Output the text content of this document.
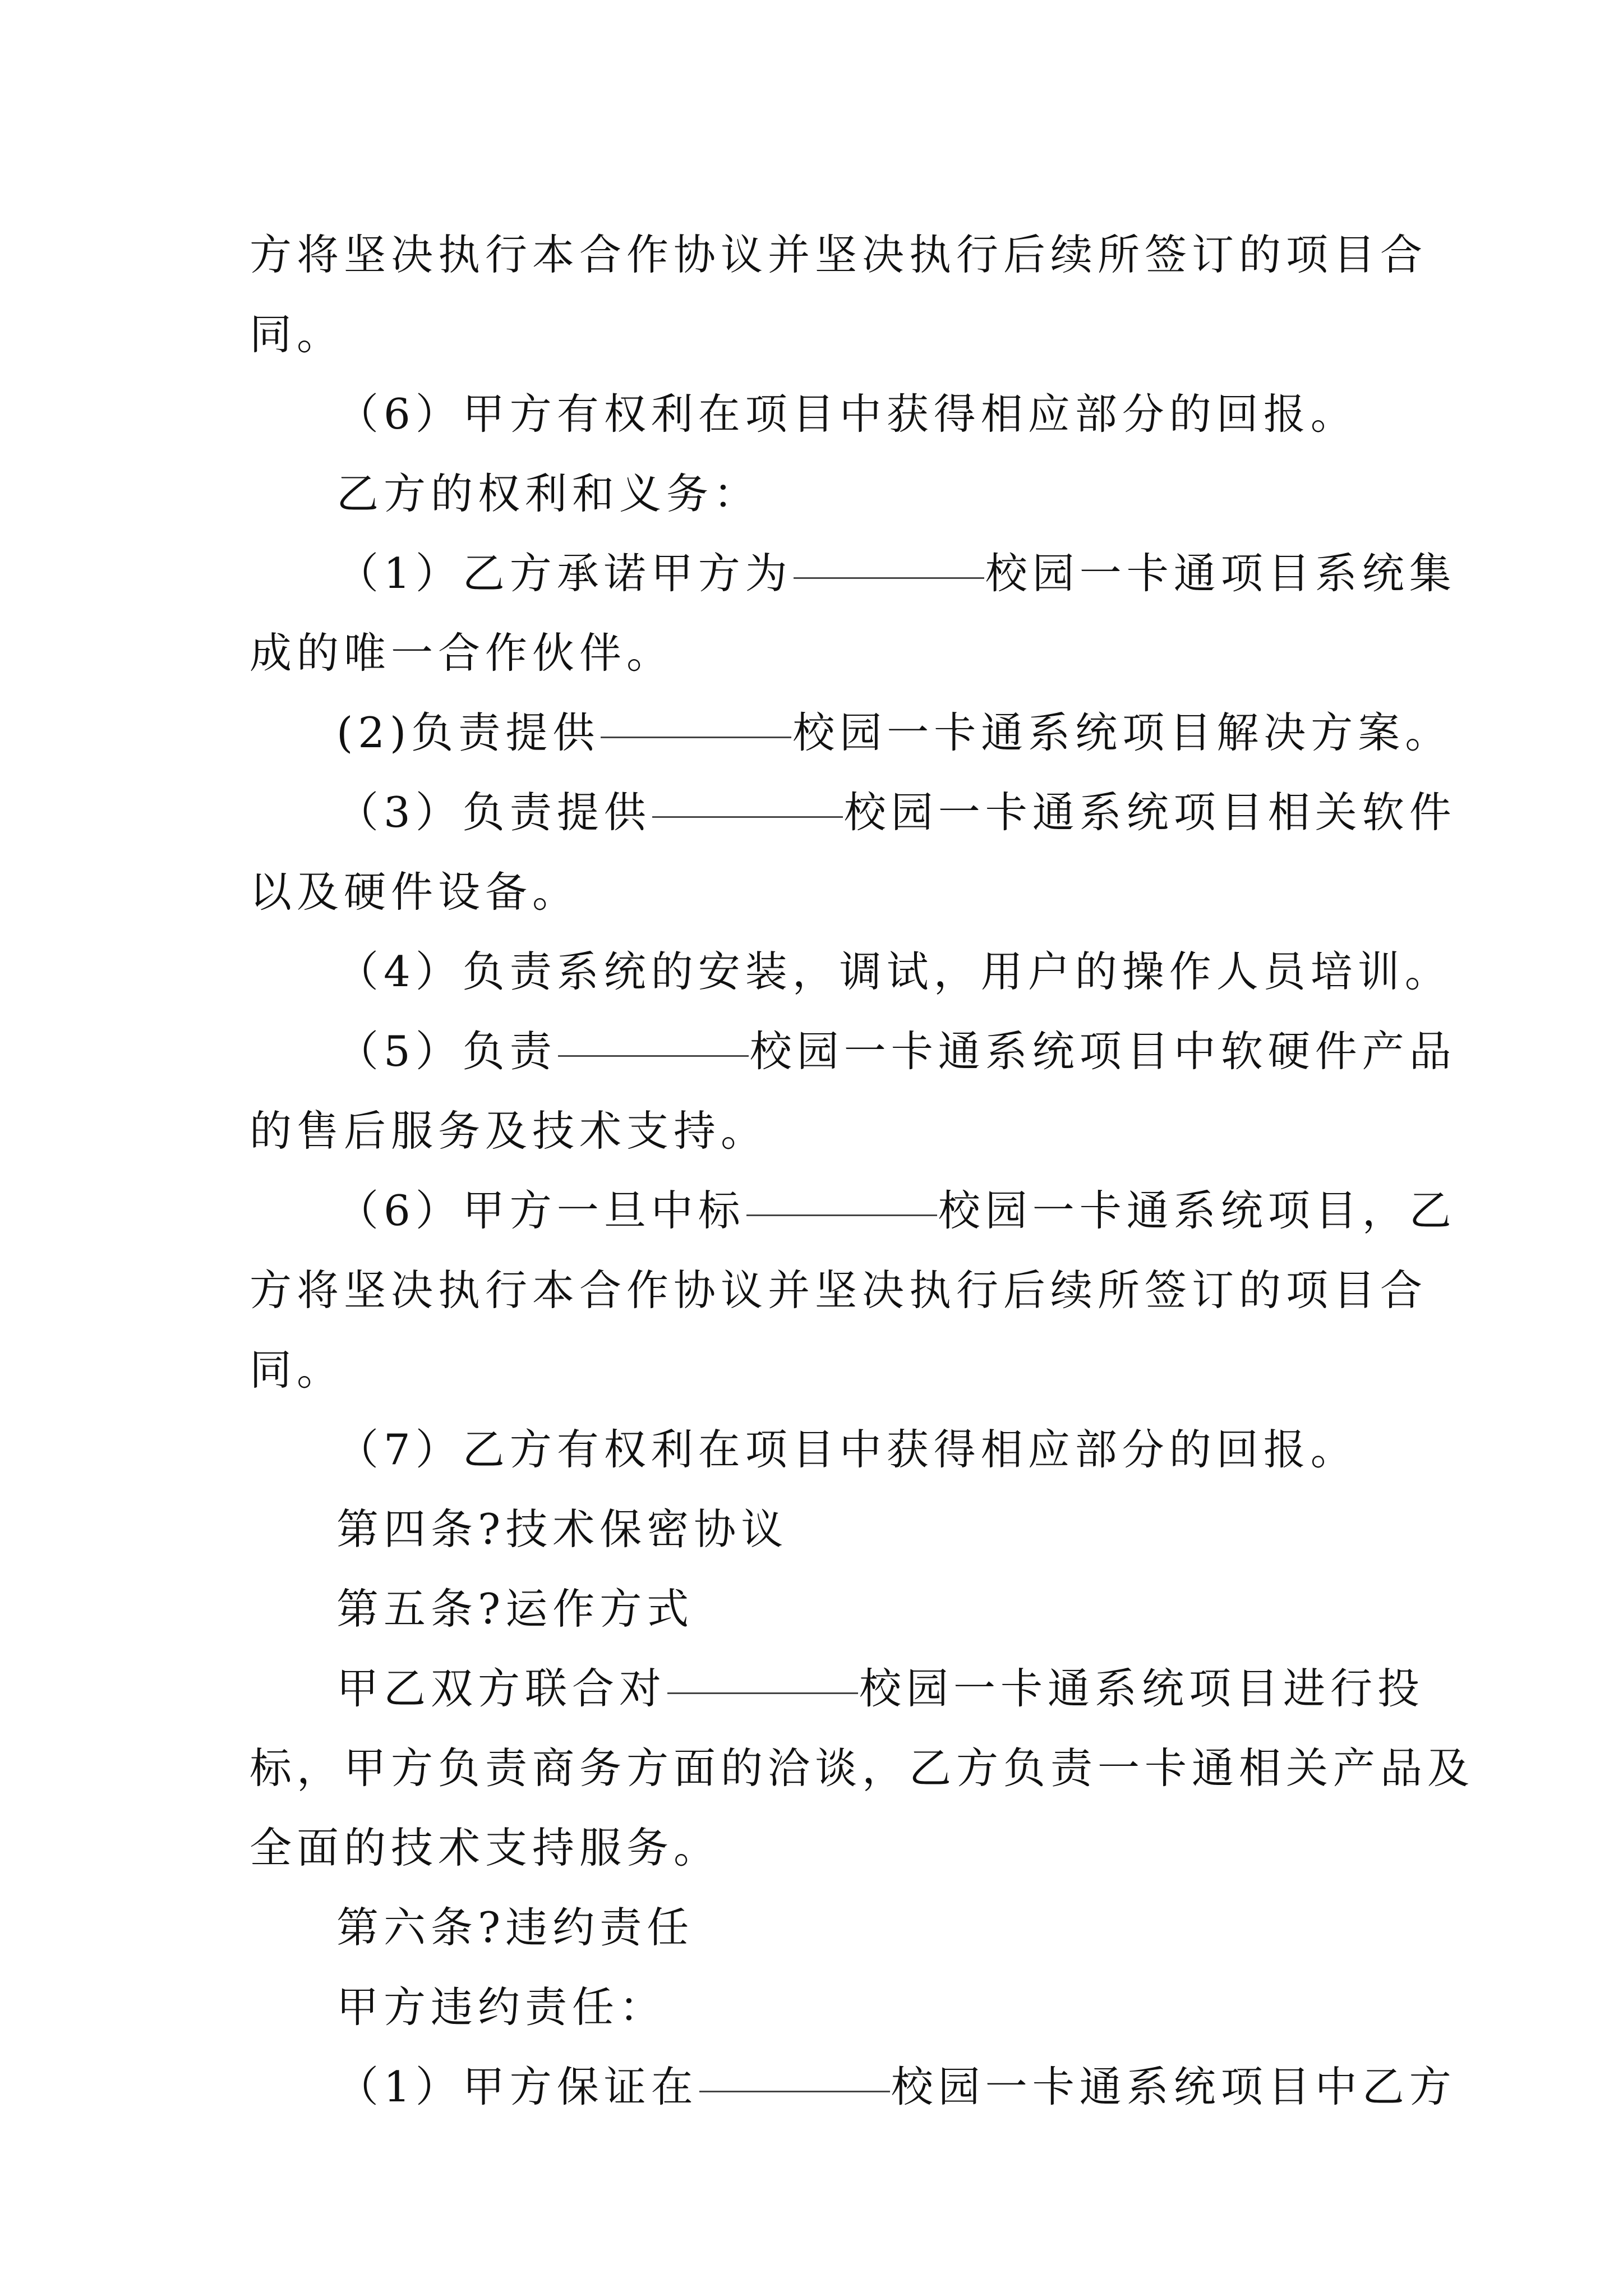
方将坚决执行本合作协议并坚决执行后续所签订的项目合

同。

（6）甲方有权利在项目中获得相应部分的回报。

乙方的权利和义务：

（1）乙方承诺甲方为	校园一卡通项目系统集

成的唯一合作伙伴。

(2)负责提供	校园一卡通系统项目解决方案。

（3）负责提供	校园一卡通系统项目相关软件

以及硬件设备。

（4）负责系统的安装，调试，用户的操作人员培训。

（5）负责	校园一卡通系统项目中软硬件产品

的售后服务及技术支持。

（6）甲方一旦中标	校园一卡通系统项目，乙

方将坚决执行本合作协议并坚决执行后续所签订的项目合

同。

（7）乙方有权利在项目中获得相应部分的回报。

第四条?技术保密协议

第五条?运作方式

甲乙双方联合对	校园一卡通系统项目进行投

标，甲方负责商务方面的洽谈，乙方负责一卡通相关产品及

全面的技术支持服务。

第六条?违约责任

甲方违约责任：

（1）甲方保证在	校园一卡通系统项目中乙方
